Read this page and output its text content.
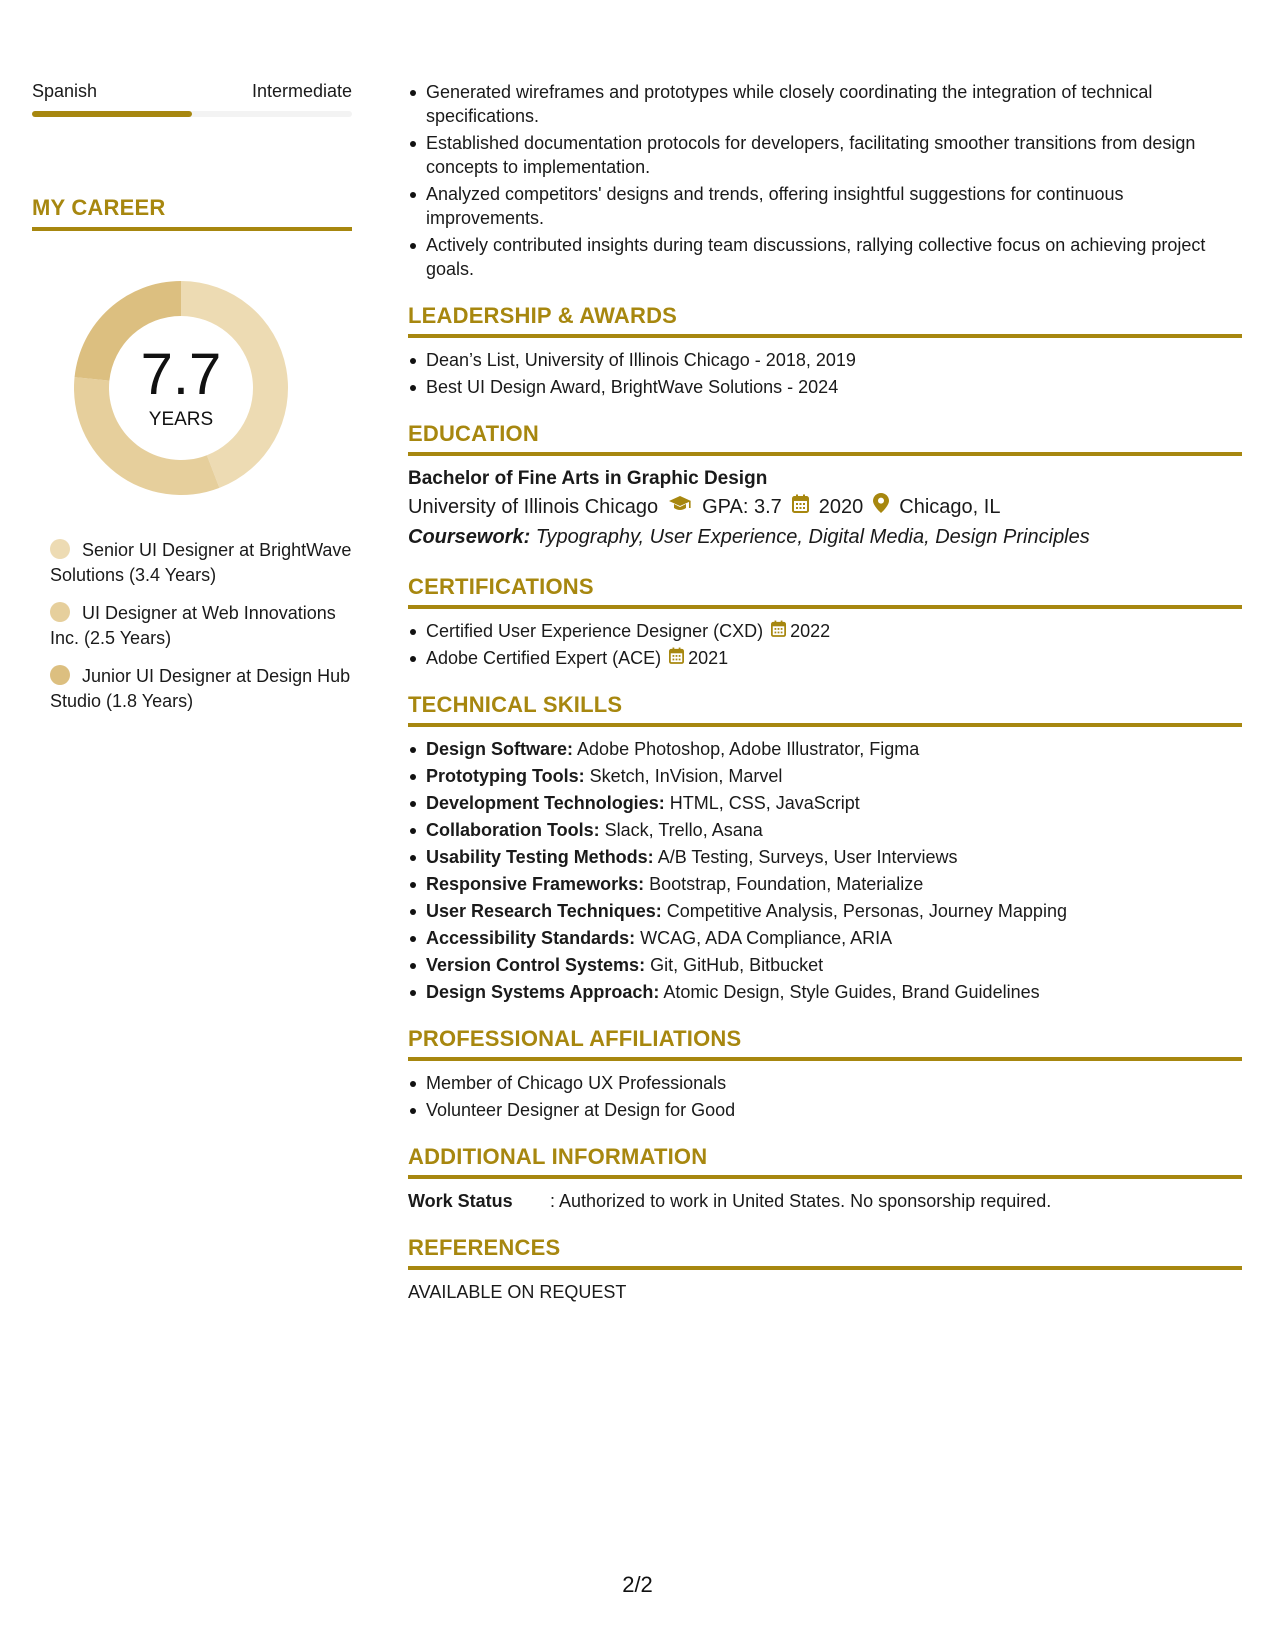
Spanish	Intermediate
MY CAREER
7.7
YEARS
Senior UI Designer at BrightWave Solutions (3.4 Years)
UI Designer at Web Innovations Inc. (2.5 Years)
Junior UI Designer at Design Hub Studio (1.8 Years)
Generated wireframes and prototypes while closely coordinating the integration of technical specifications.
Established documentation protocols for developers, facilitating smoother transitions from design concepts to implementation.
Analyzed competitors' designs and trends, offering insightful suggestions for continuous improvements.
Actively contributed insights during team discussions, rallying collective focus on achieving project goals.
LEADERSHIP & AWARDS
Dean’s List, University of Illinois Chicago - 2018, 2019
Best UI Design Award, BrightWave Solutions - 2024
EDUCATION
Bachelor of Fine Arts in Graphic Design
University of Illinois Chicago GPA: 3.7 2020 Chicago, IL
Coursework: Typography, User Experience, Digital Media, Design Principles
CERTIFICATIONS
Certified User Experience Designer (CXD) 2022
Adobe Certified Expert (ACE) 2021
TECHNICAL SKILLS
Design Software: Adobe Photoshop, Adobe Illustrator, Figma
Prototyping Tools: Sketch, InVision, Marvel
Development Technologies: HTML, CSS, JavaScript
Collaboration Tools: Slack, Trello, Asana
Usability Testing Methods: A/B Testing, Surveys, User Interviews
Responsive Frameworks: Bootstrap, Foundation, Materialize
User Research Techniques: Competitive Analysis, Personas, Journey Mapping
Accessibility Standards: WCAG, ADA Compliance, ARIA
Version Control Systems: Git, GitHub, Bitbucket
Design Systems Approach: Atomic Design, Style Guides, Brand Guidelines
PROFESSIONAL AFFILIATIONS
Member of Chicago UX Professionals
Volunteer Designer at Design for Good
ADDITIONAL INFORMATION
Work Status	: Authorized to work in United States. No sponsorship required.
REFERENCES
AVAILABLE ON REQUEST
2/2
